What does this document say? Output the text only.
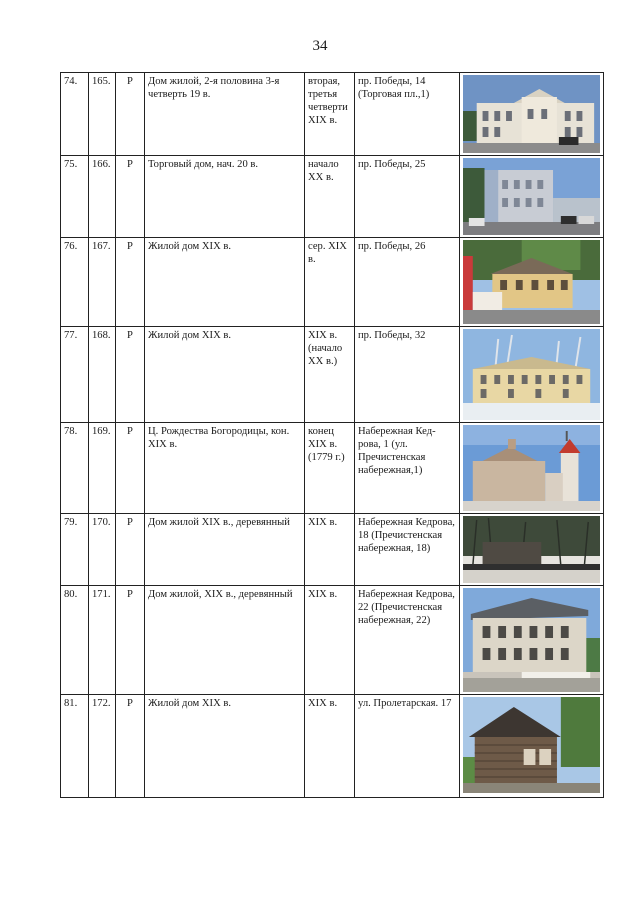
34
74.	165.	Р	Дом жилой, 2-я половина 3-я четверть 19 в.	вторая, третья четверти XIX в.	пр. Победы, 14 (Торговая пл.,1)	

75.	166.	Р	Торговый дом, нач. 20 в.	начало XX в.	пр. Победы, 25	

76.	167.	Р	Жилой дом XIX в.	сер. XIX в.	пр. Победы, 26	

77.	168.	Р	Жилой дом XIX в.	XIX в. (начало XX в.)	пр. Победы, 32	

78.	169.	Р	Ц. Рождества Богородицы, кон. XIX в.	конец XIX в. (1779 г.)	Набережная Кед-рова, 1 (ул. Пречистенская набережная,1)	

79.	170.	Р	Дом жилой XIX в., деревянный	XIX в.	Набережная Кедрова, 18 (Пречистенская набережная, 18)	

80.	171.	Р	Дом жилой, XIX в., деревянный	XIX в.	Набережная Кедрова, 22 (Пречистенская набережная, 22)	

81.	172.	Р	Жилой дом XIX в.	XIX в.	ул. Пролетарская. 17	
